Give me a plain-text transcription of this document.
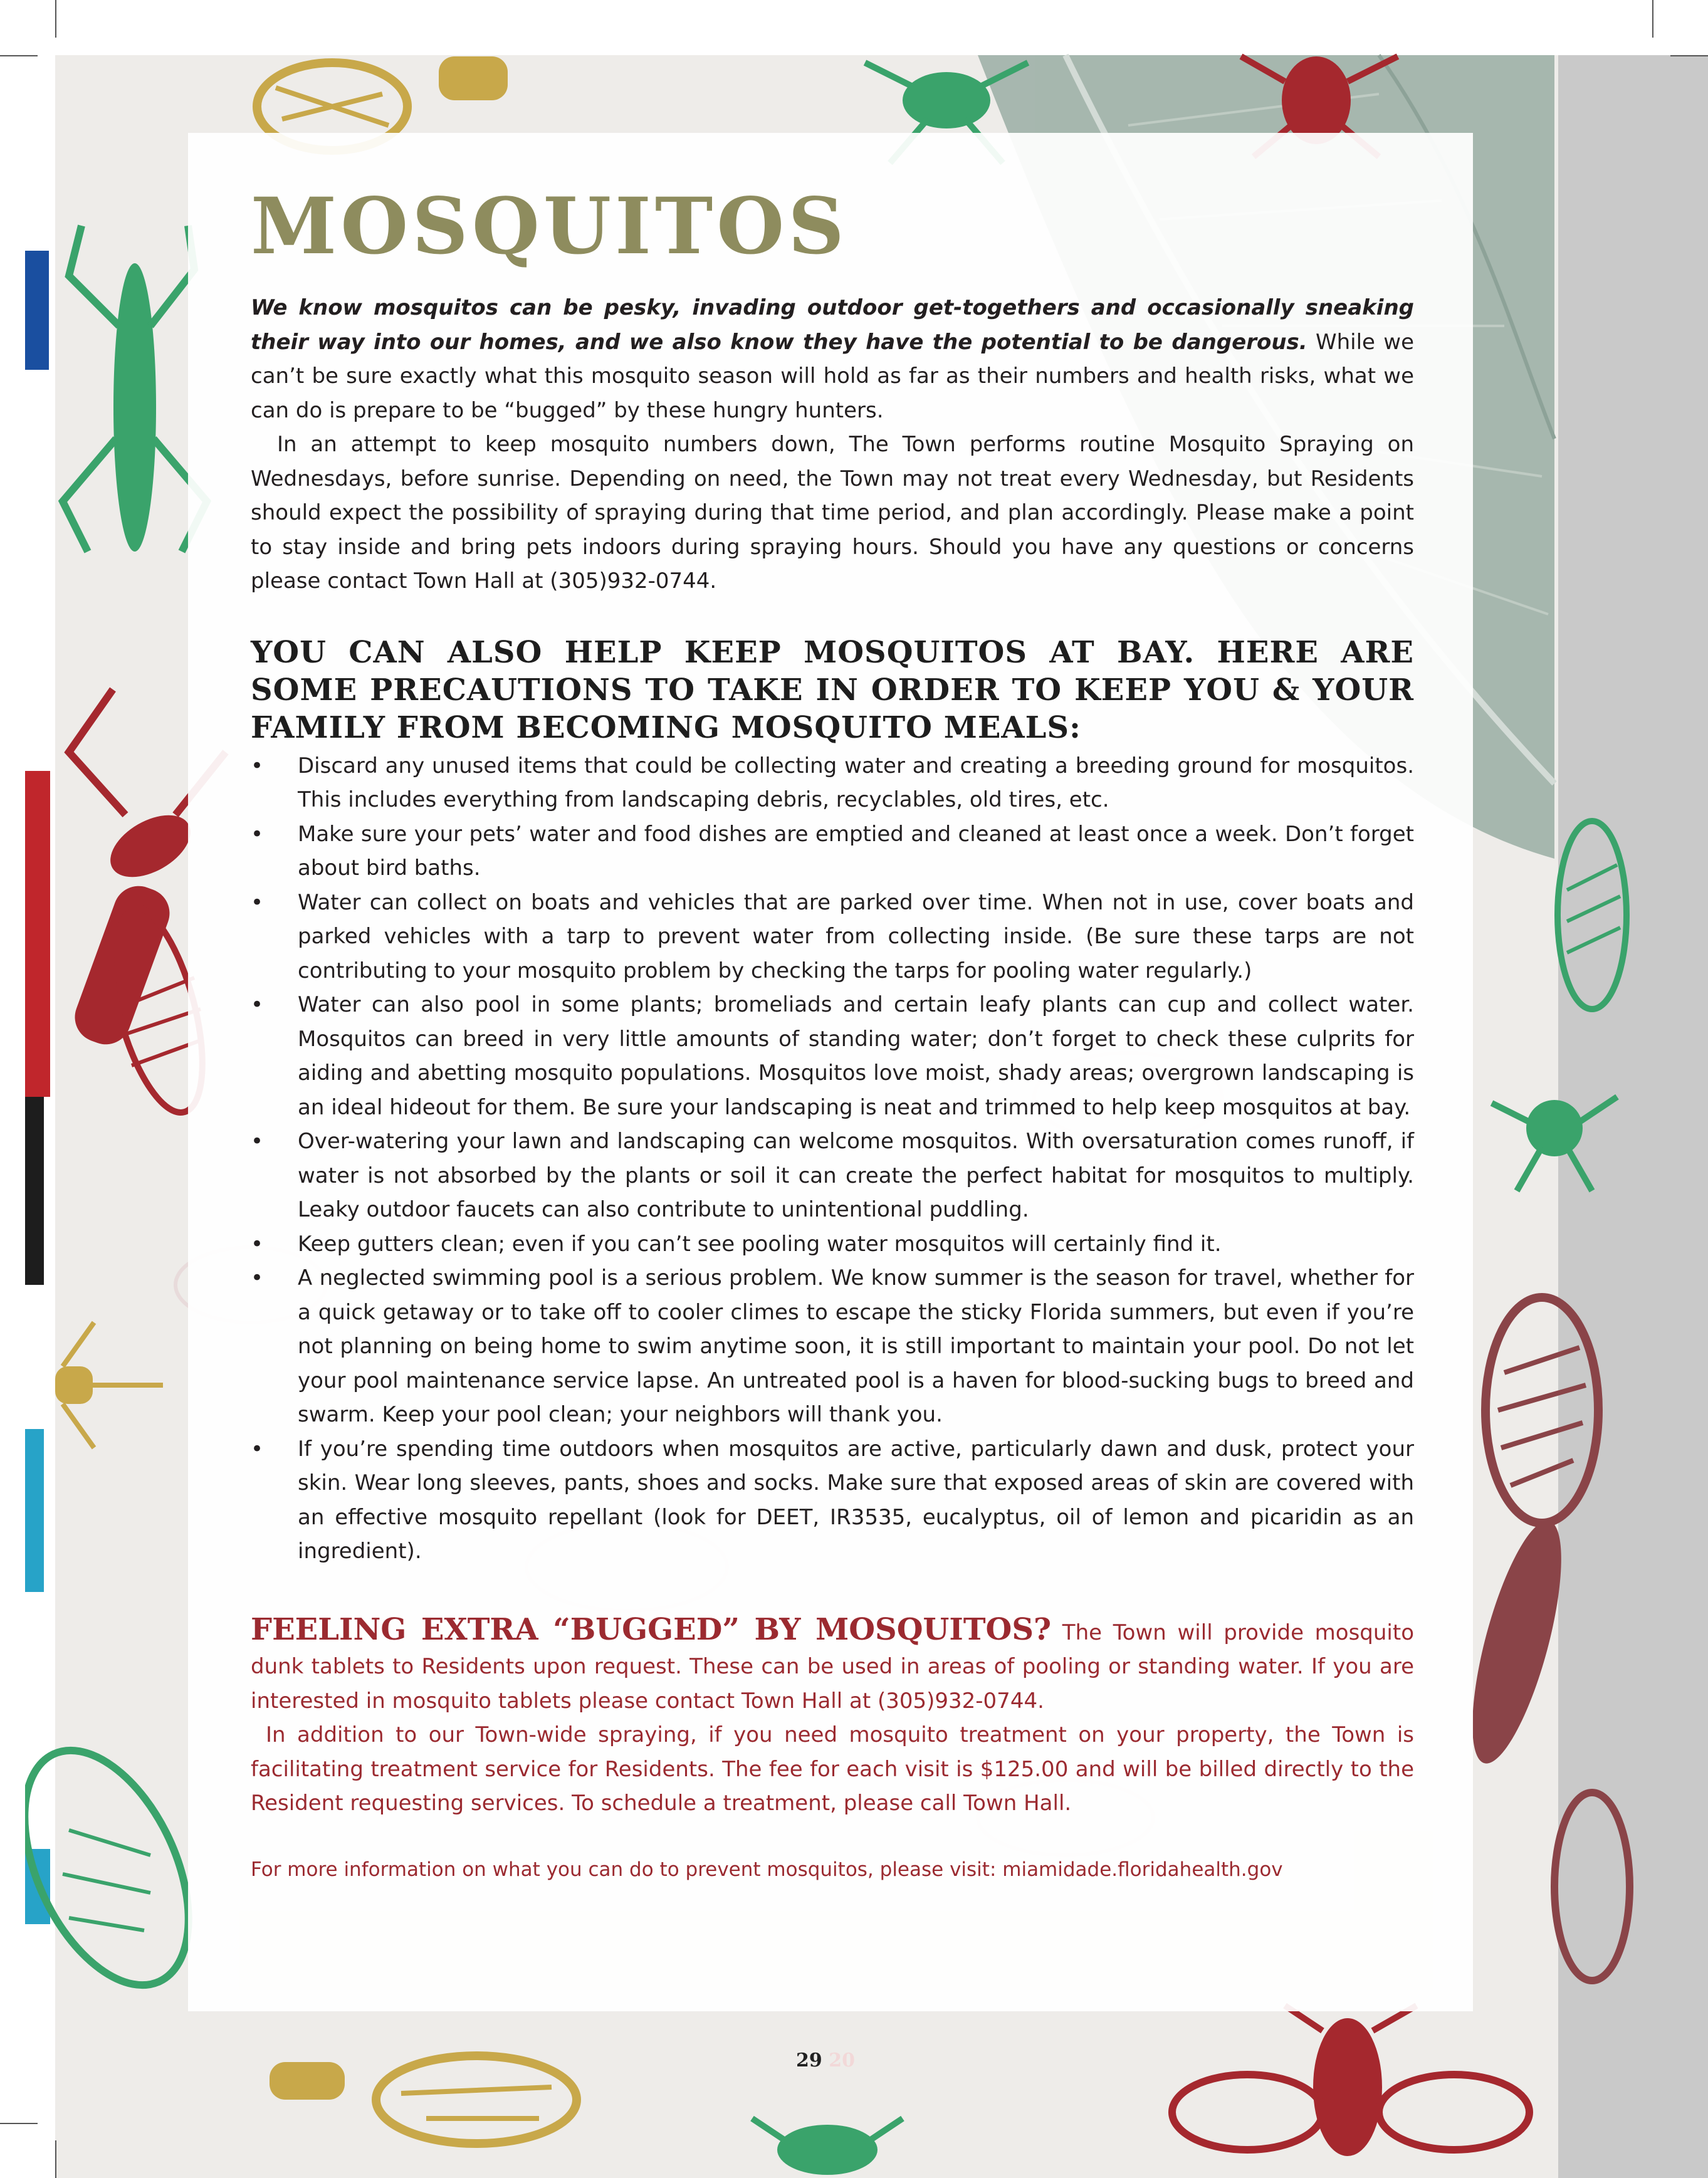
MOSQUITOS

We know mosquitos can be pesky, invading outdoor get-togethers and occasionally sneaking their way into our homes, and we also know they have the potential to be dangerous. While we can’t be sure exactly what this mosquito season will hold as far as their numbers and health risks, what we can do is prepare to be “bugged” by these hungry hunters.

In an attempt to keep mosquito numbers down, The Town performs routine Mosquito Spraying on Wednesdays, before sunrise. Depending on need, the Town may not treat every Wednesday, but Residents should expect the possibility of spraying during that time period, and plan accordingly. Please make a point to stay inside and bring pets indoors during spraying hours. Should you have any questions or concerns please contact Town Hall at (305)932-0744.

YOU CAN ALSO HELP KEEP MOSQUITOS AT BAY. HERE ARE SOME PRECAUTIONS TO TAKE IN ORDER TO KEEP YOU & YOUR FAMILY FROM BECOMING MOSQUITO MEALS:
• Discard any unused items that could be collecting water and creating a breeding ground for mosquitos. This includes everything from landscaping debris, recyclables, old tires, etc.
• Make sure your pets’ water and food dishes are emptied and cleaned at least once a week. Don’t forget about bird baths.
• Water can collect on boats and vehicles that are parked over time. When not in use, cover boats and parked vehicles with a tarp to prevent water from collecting inside. (Be sure these tarps are not contributing to your mosquito problem by checking the tarps for pooling water regularly.)
• Water can also pool in some plants; bromeliads and certain leafy plants can cup and collect water. Mosquitos can breed in very little amounts of standing water; don’t forget to check these culprits for aiding and abetting mosquito populations. Mosquitos love moist, shady areas; overgrown landscaping is an ideal hideout for them. Be sure your landscaping is neat and trimmed to help keep mosquitos at bay.
• Over-watering your lawn and landscaping can welcome mosquitos. With oversaturation comes runoff, if water is not absorbed by the plants or soil it can create the perfect habitat for mosquitos to multiply. Leaky outdoor faucets can also contribute to unintentional puddling.
• Keep gutters clean; even if you can’t see pooling water mosquitos will certainly find it.
• A neglected swimming pool is a serious problem. We know summer is the season for travel, whether for a quick getaway or to take off to cooler climes to escape the sticky Florida summers, but even if you’re not planning on being home to swim anytime soon, it is still important to maintain your pool. Do not let your pool maintenance service lapse. An untreated pool is a haven for blood-sucking bugs to breed and swarm. Keep your pool clean; your neighbors will thank you.
• If you’re spending time outdoors when mosquitos are active, particularly dawn and dusk, protect your skin. Wear long sleeves, pants, shoes and socks. Make sure that exposed areas of skin are covered with an effective mosquito repellant (look for DEET, IR3535, eucalyptus, oil of lemon and picaridin as an ingredient).

FEELING EXTRA “BUGGED” BY MOSQUITOS? The Town will provide mosquito dunk tablets to Residents upon request. These can be used in areas of pooling or standing water. If you are interested in mosquito tablets please contact Town Hall at (305)932-0744.

In addition to our Town-wide spraying, if you need mosquito treatment on your property, the Town is facilitating treatment service for Residents. The fee for each visit is $125.00 and will be billed directly to the Resident requesting services. To schedule a treatment, please call Town Hall.

For more information on what you can do to prevent mosquitos, please visit: miamidade.floridahealth.gov

29 20
